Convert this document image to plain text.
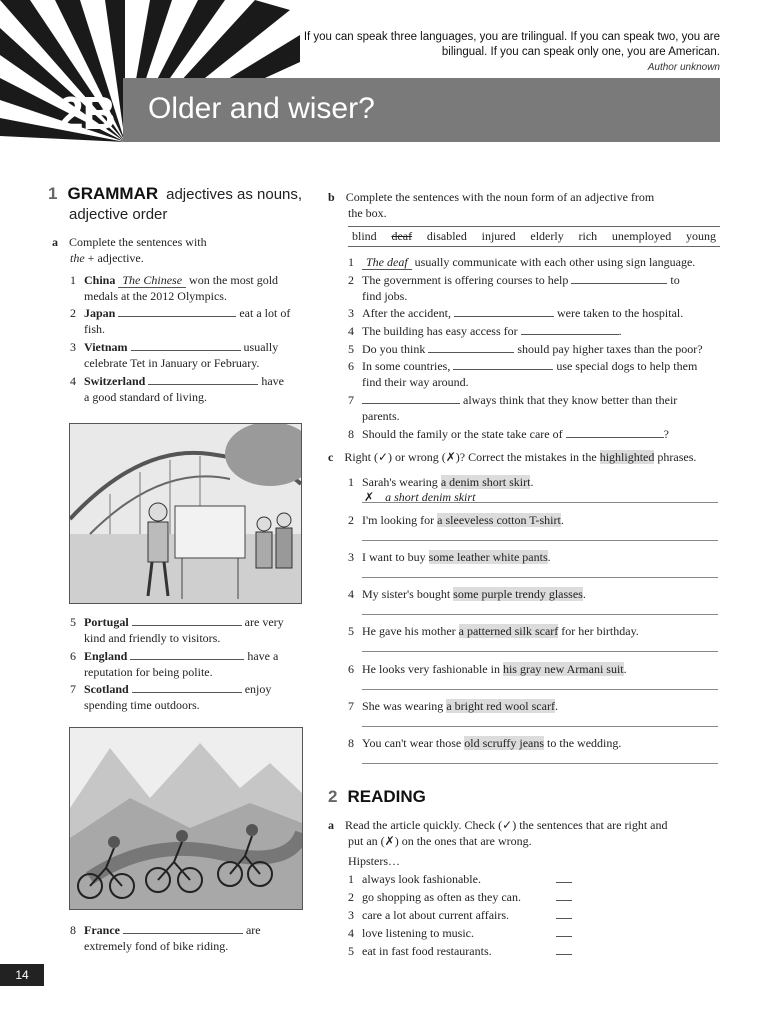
If you can speak three languages, you are trilingual. If you can speak two, you are
bilingual. If you can speak only one, you are American.
Author unknown
2B Older and wiser?
1 GRAMMAR adjectives as nouns,
adjective order
a Complete the sentences with
the + adjective.
1 China The Chinese won the most gold
medals at the 2012 Olympics.
2 Japan	eat a lot of
fish.
3 Vietnam	usually
celebrate Tet in January or February.
4 Switzerland	have
a good standard of living.
5 Portugal	are very
kind and friendly to visitors.
6 England	have a
reputation for being polite.
7 Scotland	enjoy
spending time outdoors.
8 France	are
extremely fond of bike riding.
b Complete the sentences with the noun form of an adjective from
the box.
blind deaf disabled injured elderly rich unemployed young
1 The deaf usually communicate with each other using sign language.
2 The government is offering courses to help	to
find jobs.
3 After the accident,	were taken to the hospital.
4 The building has easy access for	.
5 Do you think	should pay higher taxes than the poor?
6 In some countries,	use special dogs to help them
find their way around.
7	always think that they know better than their
parents.
8 Should the family or the state take care of	?
c Right (✓) or wrong (✗)? Correct the mistakes in the highlighted phrases.
1 Sarah's wearing a denim short skirt.
✗ a short denim skirt
2 I'm looking for a sleeveless cotton T-shirt.
3 I want to buy some leather white pants.
4 My sister's bought some purple trendy glasses.
5 He gave his mother a patterned silk scarf for her birthday.
6 He looks very fashionable in his gray new Armani suit.
7 She was wearing a bright red wool scarf.
8 You can't wear those old scruffy jeans to the wedding.
2 READING
a Read the article quickly. Check (✓) the sentences that are right and
put an (✗) on the ones that are wrong.
Hipsters…
1 always look fashionable.
2 go shopping as often as they can.
3 care a lot about current affairs.
4 love listening to music.
5 eat in fast food restaurants.
14
